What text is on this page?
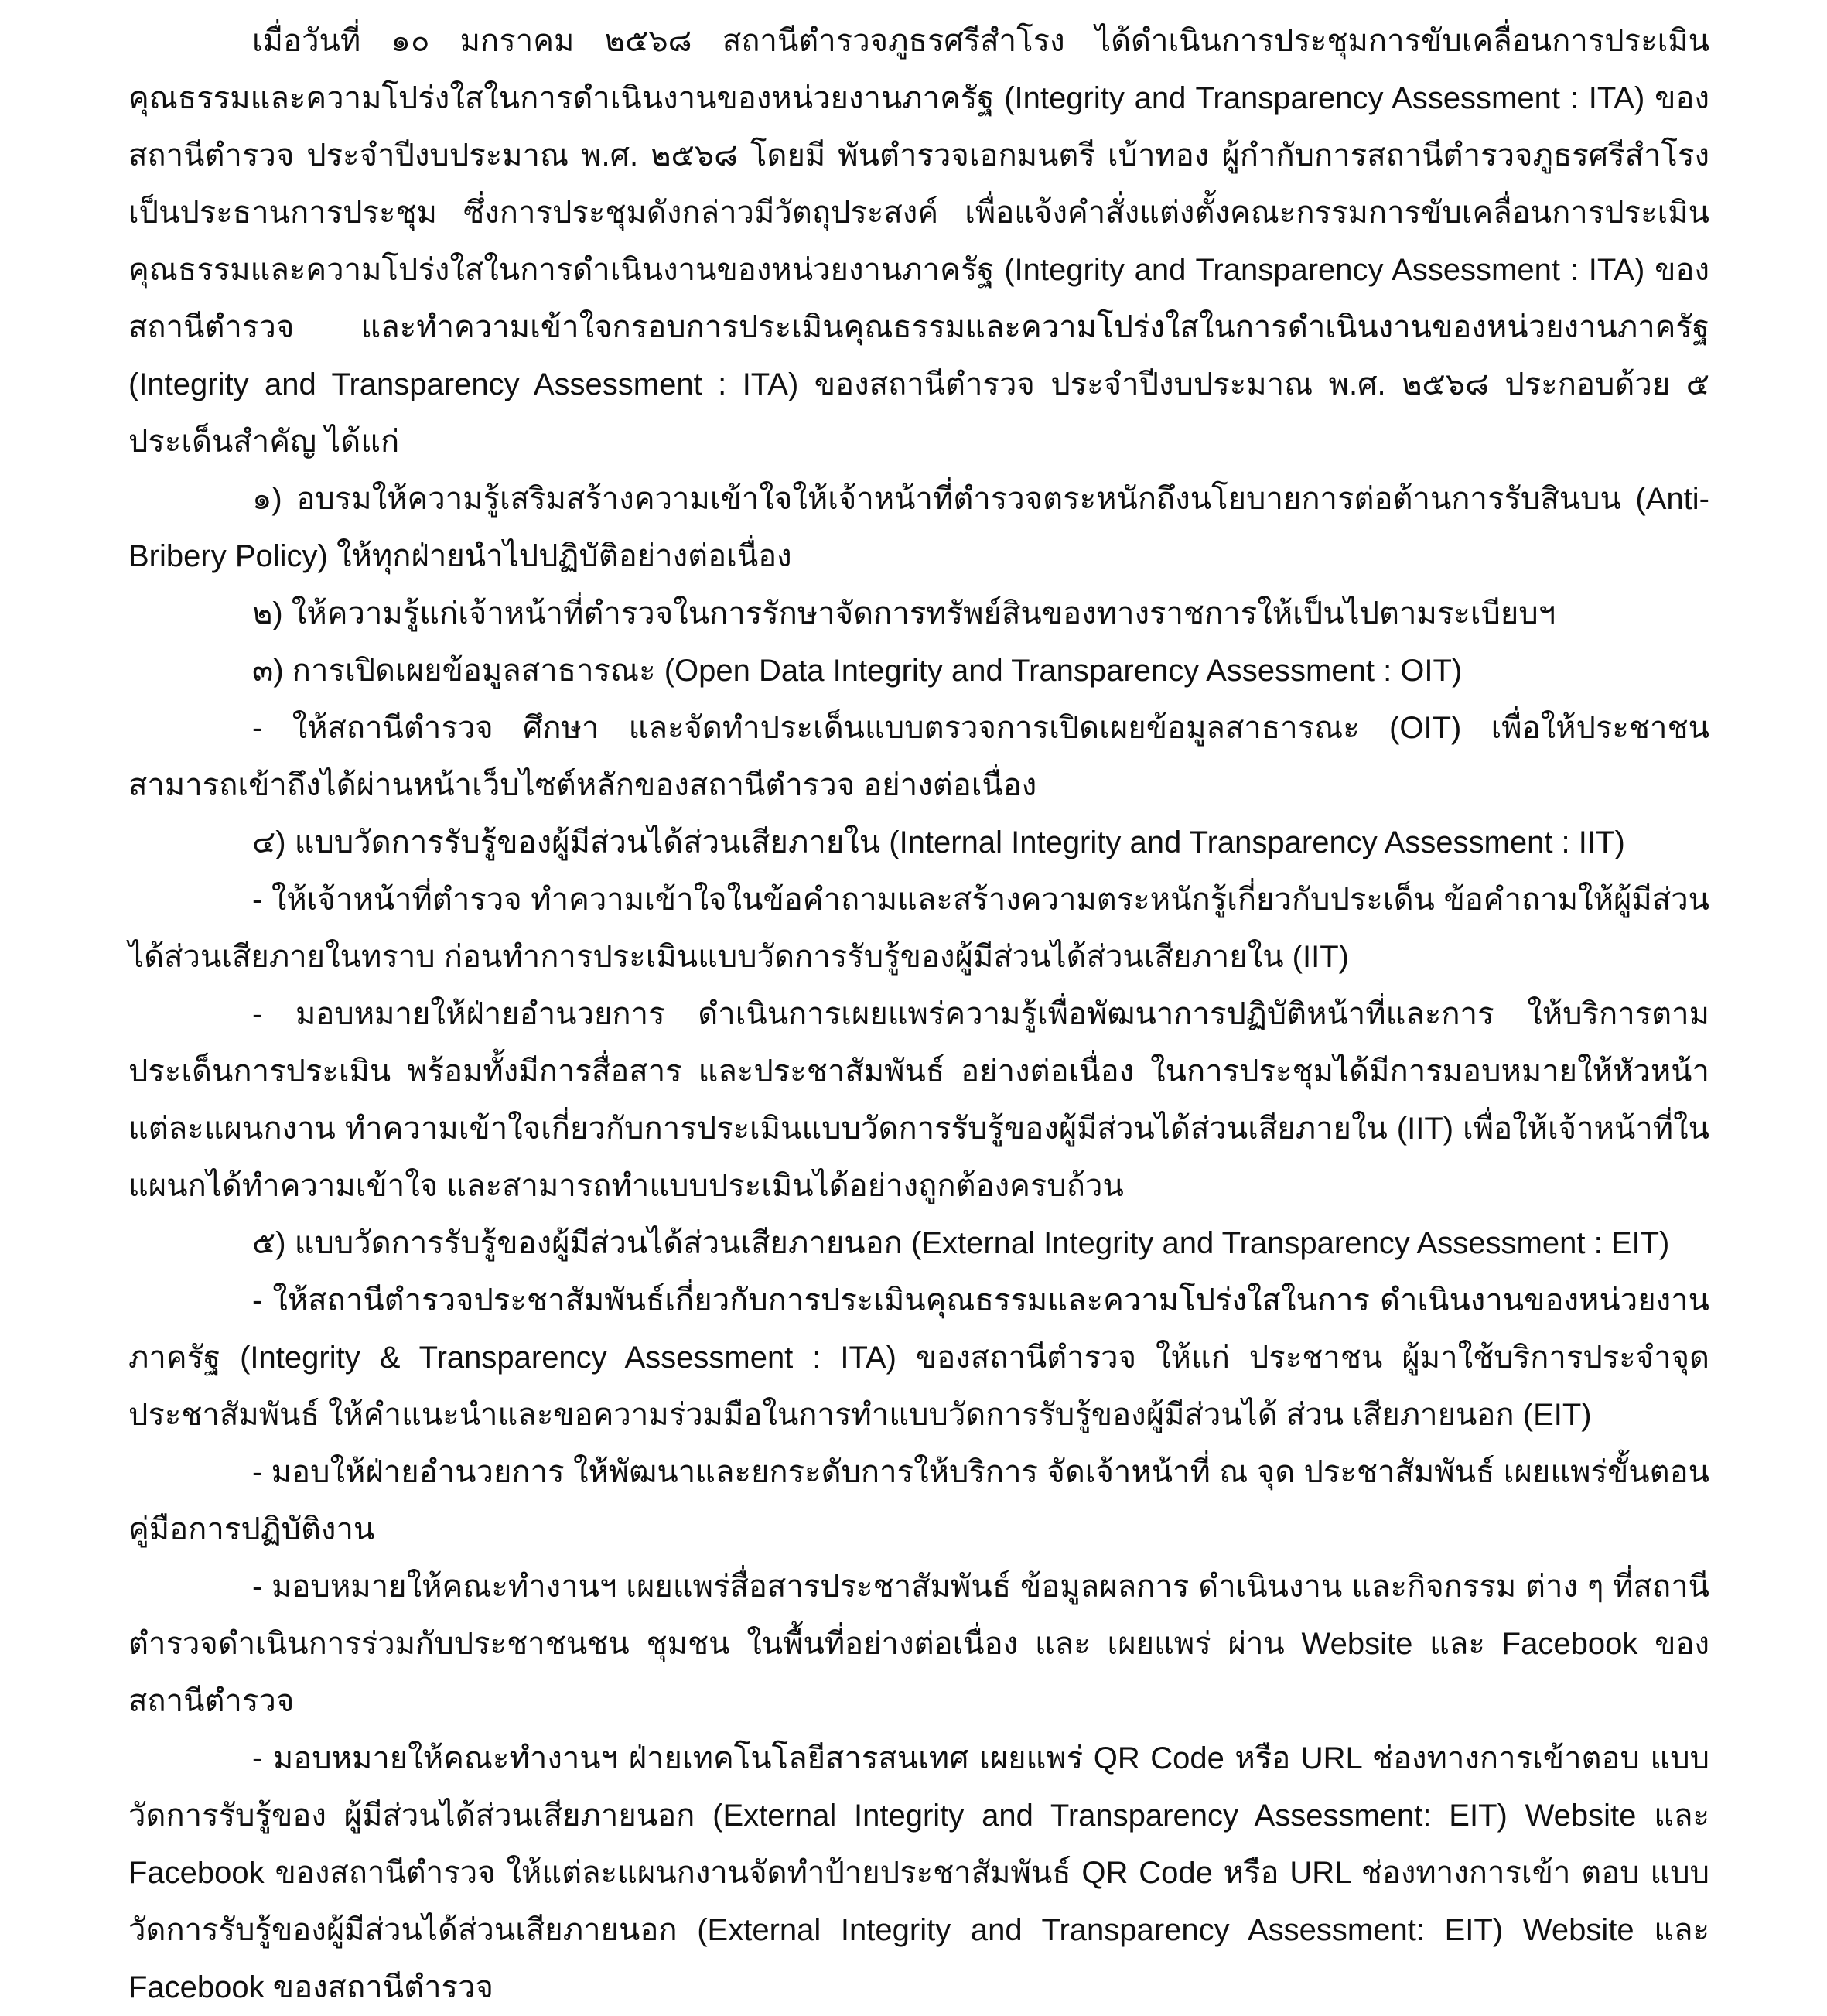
เมื่อวันที่ ๑๐ มกราคม ๒๕๖๘ สถานีตำรวจภูธรศรีสำโรง ได้ดำเนินการประชุมการขับเคลื่อนการประเมินคุณธรรมและความโปร่งใสในการดำเนินงานของหน่วยงานภาครัฐ (Integrity and Transparency Assessment : ITA) ของสถานีตำรวจ ประจำปีงบประมาณ พ.ศ. ๒๕๖๘ โดยมี พันตำรวจเอกมนตรี เบ้าทอง ผู้กำกับการสถานีตำรวจภูธรศรีสำโรง เป็นประธานการประชุม ซึ่งการประชุมดังกล่าวมีวัตถุประสงค์ เพื่อแจ้งคำสั่งแต่งตั้งคณะกรรมการขับเคลื่อนการประเมินคุณธรรมและความโปร่งใสในการดำเนินงานของหน่วยงานภาครัฐ (Integrity and Transparency Assessment : ITA) ของสถานีตำรวจ และทำความเข้าใจกรอบการประเมินคุณธรรมและความโปร่งใสในการดำเนินงานของหน่วยงานภาครัฐ (Integrity and Transparency Assessment : ITA) ของสถานีตำรวจ ประจำปีงบประมาณ พ.ศ. ๒๕๖๘ ประกอบด้วย ๕ ประเด็นสำคัญ ได้แก่

๑) อบรมให้ความรู้เสริมสร้างความเข้าใจให้เจ้าหน้าที่ตำรวจตระหนักถึงนโยบายการต่อต้านการรับสินบน (Anti-Bribery Policy) ให้ทุกฝ่ายนำไปปฏิบัติอย่างต่อเนื่อง

๒) ให้ความรู้แก่เจ้าหน้าที่ตำรวจในการรักษาจัดการทรัพย์สินของทางราชการให้เป็นไปตามระเบียบฯ

๓) การเปิดเผยข้อมูลสาธารณะ (Open Data Integrity and Transparency Assessment : OIT)

- ให้สถานีตำรวจ ศึกษา และจัดทำประเด็นแบบตรวจการเปิดเผยข้อมูลสาธารณะ (OIT) เพื่อให้ประชาชนสามารถเข้าถึงได้ผ่านหน้าเว็บไซต์หลักของสถานีตำรวจ อย่างต่อเนื่อง

๔) แบบวัดการรับรู้ของผู้มีส่วนได้ส่วนเสียภายใน (Internal Integrity and Transparency Assessment : IIT)

- ให้เจ้าหน้าที่ตำรวจ ทำความเข้าใจในข้อคำถามและสร้างความตระหนักรู้เกี่ยวกับประเด็น ข้อคำถามให้ผู้มีส่วนได้ส่วนเสียภายในทราบ ก่อนทำการประเมินแบบวัดการรับรู้ของผู้มีส่วนได้ส่วนเสียภายใน (IIT)

- มอบหมายให้ฝ่ายอำนวยการ ดำเนินการเผยแพร่ความรู้เพื่อพัฒนาการปฏิบัติหน้าที่และการ ให้บริการตามประเด็นการประเมิน พร้อมทั้งมีการสื่อสาร และประชาสัมพันธ์ อย่างต่อเนื่อง ในการประชุมได้มีการมอบหมายให้หัวหน้าแต่ละแผนกงาน ทำความเข้าใจเกี่ยวกับการประเมินแบบวัดการรับรู้ของผู้มีส่วนได้ส่วนเสียภายใน (IIT) เพื่อให้เจ้าหน้าที่ในแผนกได้ทำความเข้าใจ และสามารถทำแบบประเมินได้อย่างถูกต้องครบถ้วน

๕) แบบวัดการรับรู้ของผู้มีส่วนได้ส่วนเสียภายนอก (External Integrity and Transparency Assessment : EIT)

- ให้สถานีตำรวจประชาสัมพันธ์เกี่ยวกับการประเมินคุณธรรมและความโปร่งใสในการ ดำเนินงานของหน่วยงานภาครัฐ (Integrity & Transparency Assessment : ITA) ของสถานีตำรวจ ให้แก่ ประชาชน ผู้มาใช้บริการประจำจุดประชาสัมพันธ์ ให้คำแนะนำและขอความร่วมมือในการทำแบบวัดการรับรู้ของผู้มีส่วนได้ ส่วน เสียภายนอก (EIT)

- มอบให้ฝ่ายอำนวยการ ให้พัฒนาและยกระดับการให้บริการ จัดเจ้าหน้าที่ ณ จุด ประชาสัมพันธ์ เผยแพร่ขั้นตอน คู่มือการปฏิบัติงาน

- มอบหมายให้คณะทำงานฯ เผยแพร่สื่อสารประชาสัมพันธ์ ข้อมูลผลการ ดำเนินงาน และกิจกรรม ต่าง ๆ ที่สถานีตำรวจดำเนินการร่วมกับประชาชนชน ชุมชน ในพื้นที่อย่างต่อเนื่อง และ เผยแพร่ ผ่าน Website และ Facebook ของสถานีตำรวจ

- มอบหมายให้คณะทำงานฯ ฝ่ายเทคโนโลยีสารสนเทศ เผยแพร่ QR Code หรือ URL ช่องทางการเข้าตอบ แบบวัดการรับรู้ของ ผู้มีส่วนได้ส่วนเสียภายนอก (External Integrity and Transparency Assessment: EIT) Website และ Facebook ของสถานีตำรวจ ให้แต่ละแผนกงานจัดทำป้ายประชาสัมพันธ์ QR Code หรือ URL ช่องทางการเข้า ตอบ แบบวัดการรับรู้ของผู้มีส่วนได้ส่วนเสียภายนอก (External Integrity and Transparency Assessment: EIT) Website และ Facebook ของสถานีตำรวจ
